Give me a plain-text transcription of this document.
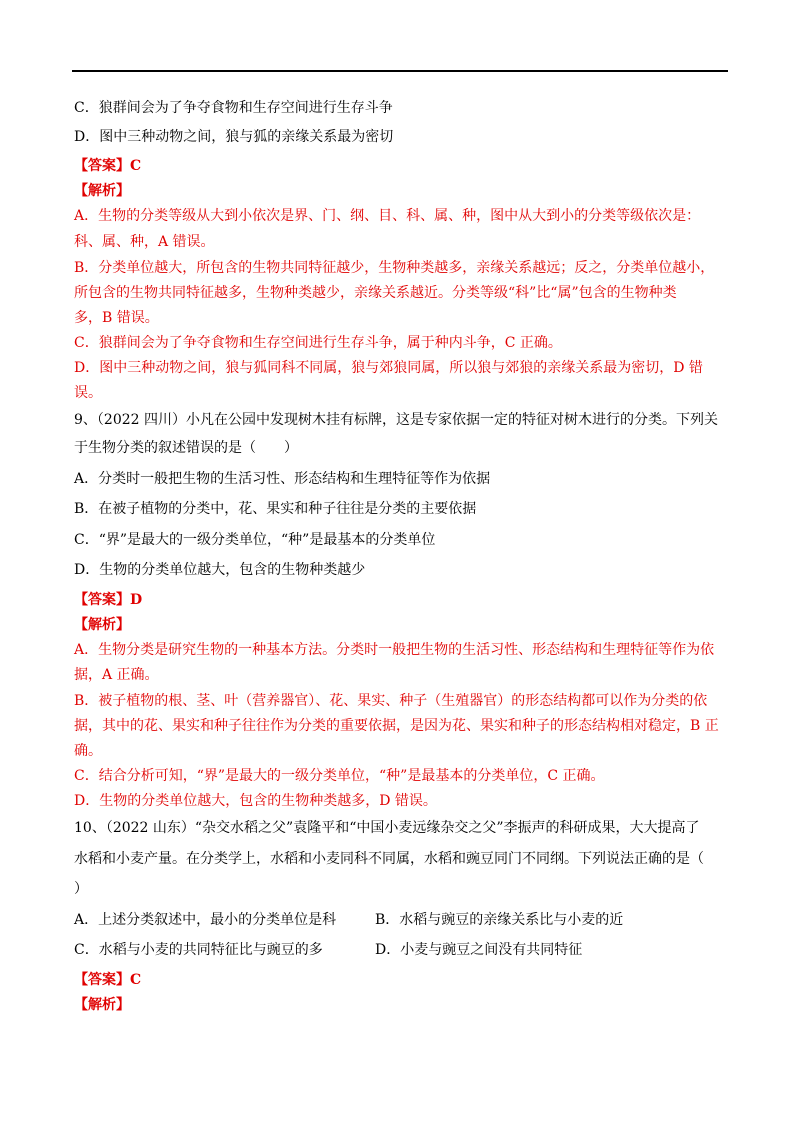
C．狼群间会为了争夺食物和生存空间进行生存斗争
D．图中三种动物之间，狼与狐的亲缘关系最为密切
【答案】C
【解析】
A．生物的分类等级从大到小依次是界、门、纲、目、科、属、种，图中从大到小的分类等级依次是：
科、属、种，A 错误。
B．分类单位越大，所包含的生物共同特征越少，生物种类越多，亲缘关系越远；反之，分类单位越小，
所包含的生物共同特征越多，生物种类越少，亲缘关系越近。分类等级“科”比“属”包含的生物种类
多，B 错误。
C．狼群间会为了争夺食物和生存空间进行生存斗争，属于种内斗争，C 正确。
D．图中三种动物之间，狼与狐同科不同属，狼与郊狼同属，所以狼与郊狼的亲缘关系最为密切，D 错
误。
9、（2022 四川）小凡在公园中发现树木挂有标牌，这是专家依据一定的特征对树木进行的分类。下列关
于生物分类的叙述错误的是（　　）
A．分类时一般把生物的生活习性、形态结构和生理特征等作为依据
B．在被子植物的分类中，花、果实和种子往往是分类的主要依据
C．“界”是最大的一级分类单位，“种”是最基本的分类单位
D．生物的分类单位越大，包含的生物种类越少
【答案】D
【解析】
A．生物分类是研究生物的一种基本方法。分类时一般把生物的生活习性、形态结构和生理特征等作为依
据，A 正确。
B．被子植物的根、茎、叶（营养器官）、花、果实、种子（生殖器官）的形态结构都可以作为分类的依
据，其中的花、果实和种子往往作为分类的重要依据，是因为花、果实和种子的形态结构相对稳定，B 正
确。
C．结合分析可知，“界”是最大的一级分类单位，“种”是最基本的分类单位，C 正确。
D．生物的分类单位越大，包含的生物种类越多，D 错误。
10、（2022 山东）“杂交水稻之父”袁隆平和“中国小麦远缘杂交之父”李振声的科研成果，大大提高了
水稻和小麦产量。在分类学上，水稻和小麦同科不同属，水稻和豌豆同门不同纲。下列说法正确的是（
）
A．上述分类叙述中，最小的分类单位是科	B．水稻与豌豆的亲缘关系比与小麦的近
C．水稻与小麦的共同特征比与豌豆的多	D．小麦与豌豆之间没有共同特征
【答案】C
【解析】
